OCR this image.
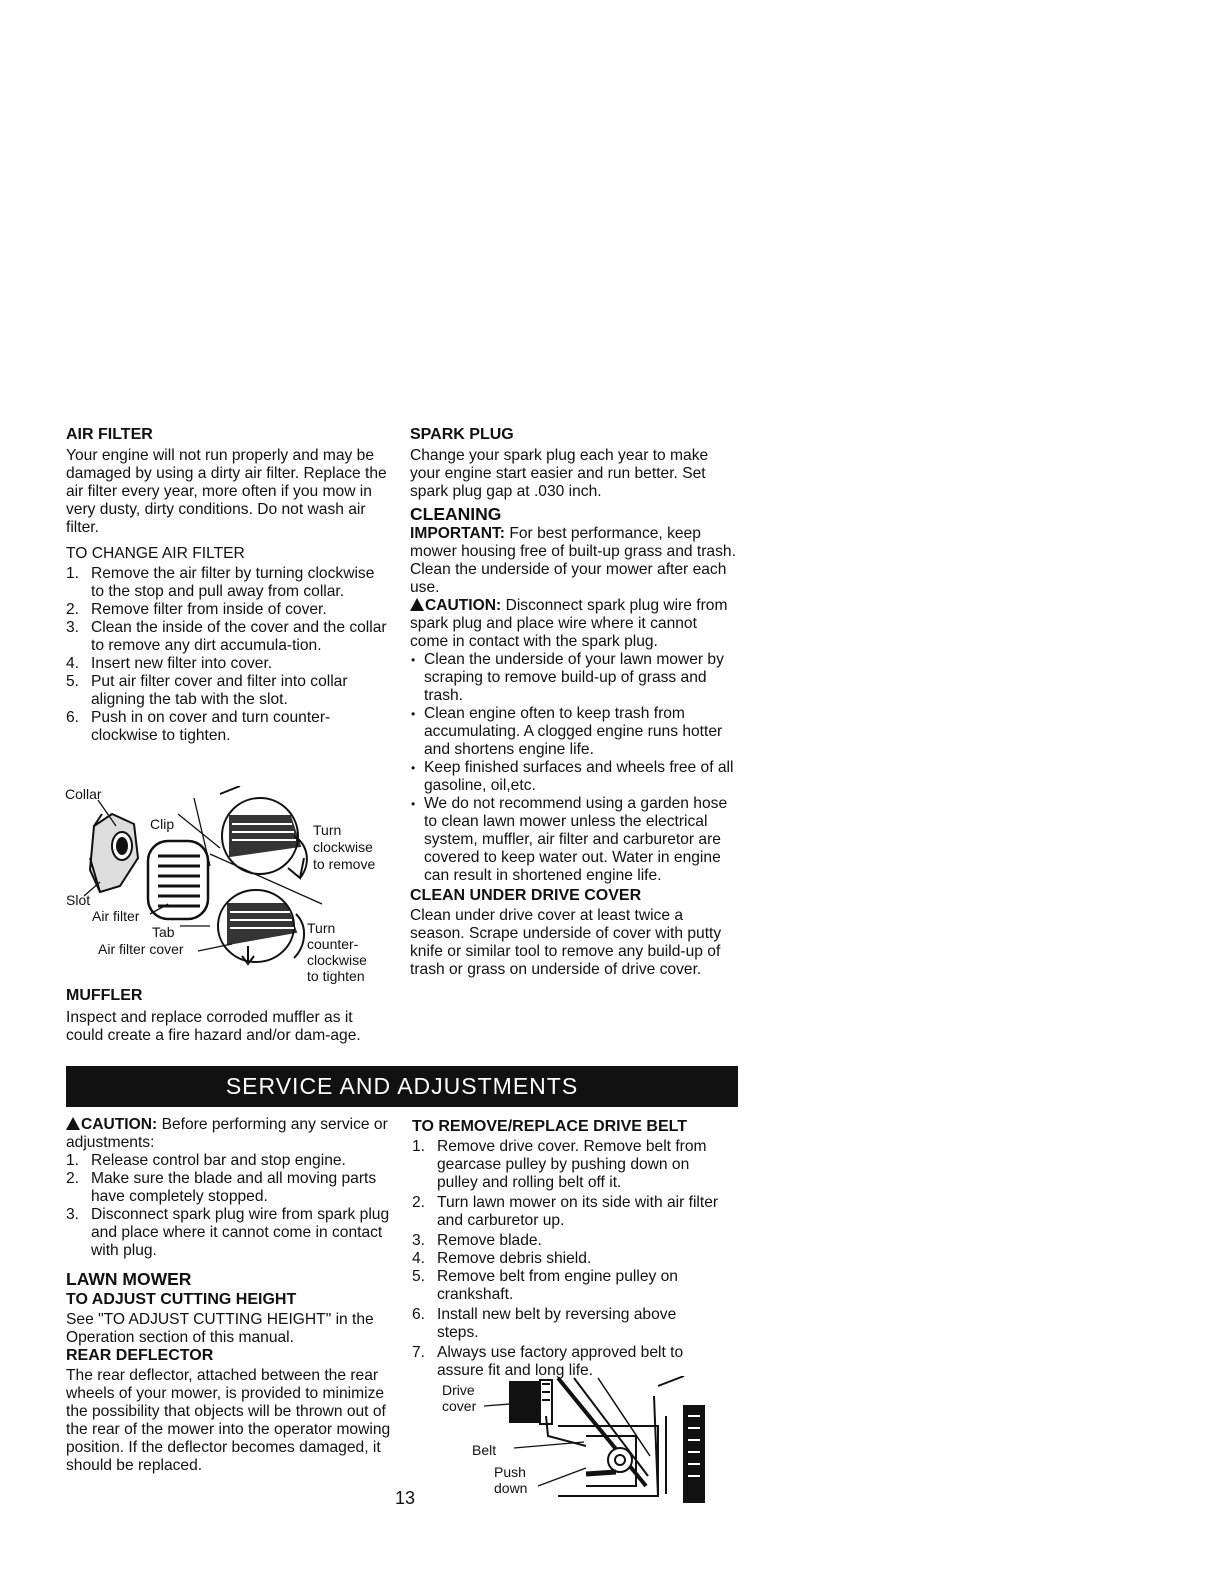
AIR FILTER

Your engine will not run properly and may be damaged by using a dirty air filter. Replace the air filter every year, more often if you mow in very dusty, dirty conditions. Do not wash air filter.

TO CHANGE AIR FILTER

1. Remove the air filter by turning clockwise to the stop and pull away from collar.
2. Remove filter from inside of cover.
3. Clean the inside of the cover and the collar to remove any dirt accumula-tion.
4. Insert new filter into cover.
5. Put air filter cover and filter into collar aligning the tab with the slot.
6. Push in on cover and turn counter-clockwise to tighten.
Collar
Clip	Turn
clockwise
to remove
Slot
Air filter
Tab
Air filter cover
Turn
counter-
clockwise
to tighten

MUFFLER

Inspect and replace corroded muffler as it could create a fire hazard and/or dam-age.

SPARK PLUG

Change your spark plug each year to make your engine start easier and run better. Set spark plug gap at .030 inch.

CLEANING

IMPORTANT: For best performance, keep mower housing free of built-up grass and trash. Clean the underside of your mower after each use.

CAUTION: Disconnect spark plug wire from spark plug and place wire where it cannot come in contact with the spark plug.

• Clean the underside of your lawn mower by scraping to remove build-up of grass and trash.
• Clean engine often to keep trash from accumulating. A clogged engine runs hotter and shortens engine life.
• Keep finished surfaces and wheels free of all gasoline, oil,etc.
• We do not recommend using a garden hose to clean lawn mower unless the electrical system, muffler, air filter and carburetor are covered to keep water out. Water in engine can result in shortened engine life.

CLEAN UNDER DRIVE COVER

Clean under drive cover at least twice a season. Scrape underside of cover with putty knife or similar tool to remove any build-up of trash or grass on underside of drive cover.

SERVICE AND ADJUSTMENTS

CAUTION: Before performing any service or adjustments:

1. Release control bar and stop engine.
2. Make sure the blade and all moving parts have completely stopped.
3. Disconnect spark plug wire from spark plug and place where it cannot come in contact with plug.

LAWN MOWER

TO ADJUST CUTTING HEIGHT

See "TO ADJUST CUTTING HEIGHT" in the Operation section of this manual.

REAR DEFLECTOR

The rear deflector, attached between the rear wheels of your mower, is provided to minimize the possibility that objects will be thrown out of the rear of the mower into the operator mowing position. If the deflector becomes damaged, it should be replaced.

TO REMOVE/REPLACE DRIVE BELT

1. Remove drive cover. Remove belt from gearcase pulley by pushing down on pulley and rolling belt off it.
2. Turn lawn mower on its side with air filter and carburetor up.
3. Remove blade.
4. Remove debris shield.
5. Remove belt from engine pulley on crankshaft.
6. Install new belt by reversing above steps.
7. Always use factory approved belt to assure fit and long life.
Drive
cover
Belt
Push
down
13
